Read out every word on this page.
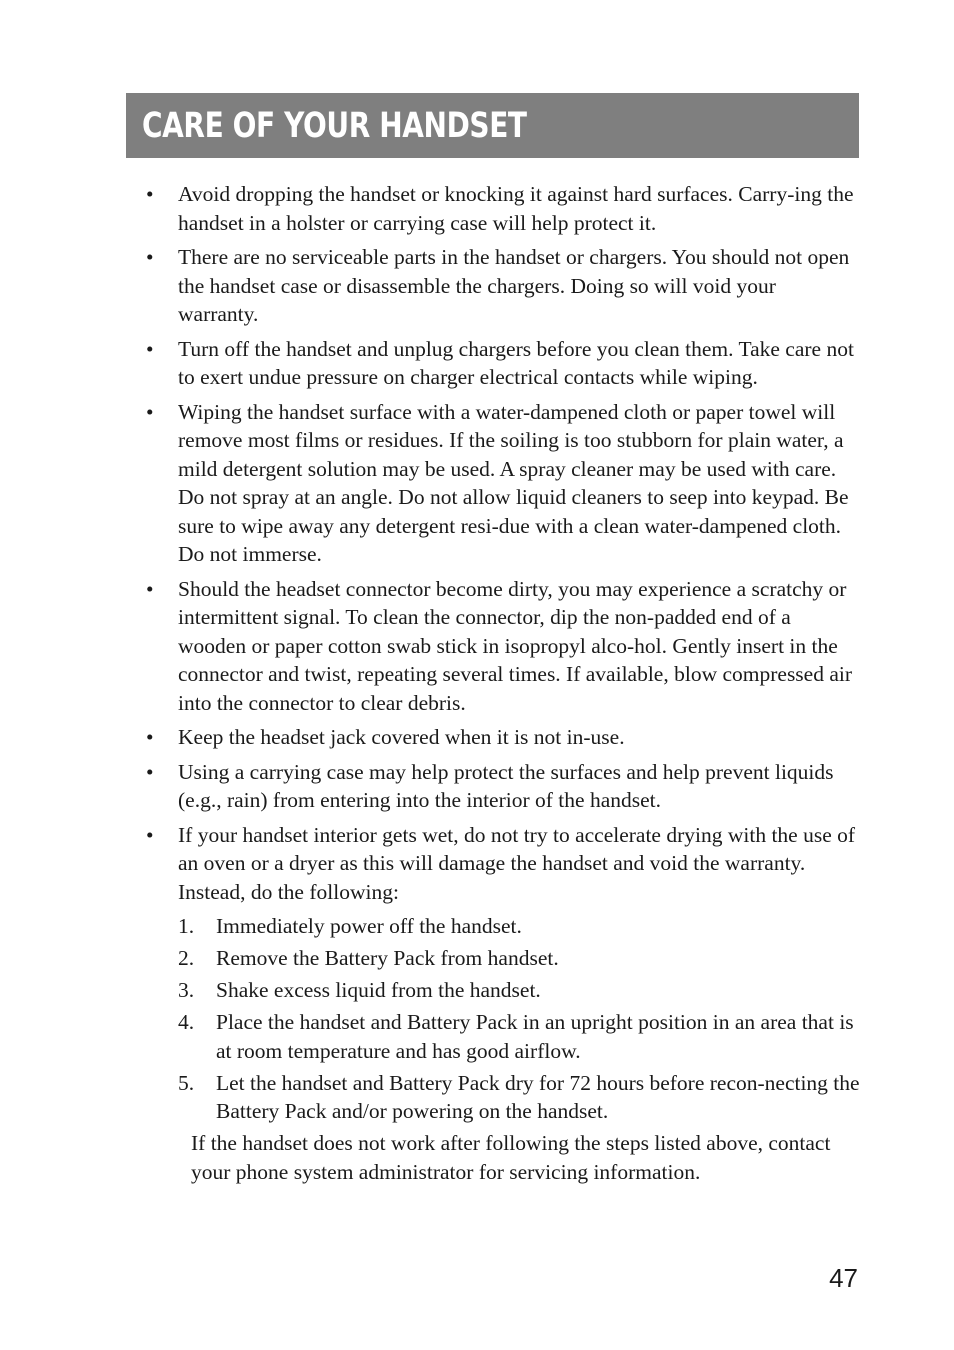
CARE OF YOUR HANDSET
• Avoid dropping the handset or knocking it against hard surfaces. Carry-ing the handset in a holster or carrying case will help protect it.
• There are no serviceable parts in the handset or chargers. You should not open the handset case or disassemble the chargers. Doing so will void your warranty.
• Turn off the handset and unplug chargers before you clean them. Take care not to exert undue pressure on charger electrical contacts while wiping.
• Wiping the handset surface with a water-dampened cloth or paper towel will remove most films or residues. If the soiling is too stubborn for plain water, a mild detergent solution may be used. A spray cleaner may be used with care. Do not spray at an angle. Do not allow liquid cleaners to seep into keypad. Be sure to wipe away any detergent resi-due with a clean water-dampened cloth. Do not immerse.
• Should the headset connector become dirty, you may experience a scratchy or intermittent signal. To clean the connector, dip the non-padded end of a wooden or paper cotton swab stick in isopropyl alco-hol. Gently insert in the connector and twist, repeating several times. If available, blow compressed air into the connector to clear debris.
• Keep the headset jack covered when it is not in-use.
• Using a carrying case may help protect the surfaces and help prevent liquids (e.g., rain) from entering into the interior of the handset.
• If your handset interior gets wet, do not try to accelerate drying with the use of an oven or a dryer as this will damage the handset and void the warranty. Instead, do the following:
1. Immediately power off the handset.
2. Remove the Battery Pack from handset.
3. Shake excess liquid from the handset.
4. Place the handset and Battery Pack in an upright position in an area that is at room temperature and has good airflow.
5. Let the handset and Battery Pack dry for 72 hours before recon-necting the Battery Pack and/or powering on the handset.

If the handset does not work after following the steps listed above, contact your phone system administrator for servicing information.

47
